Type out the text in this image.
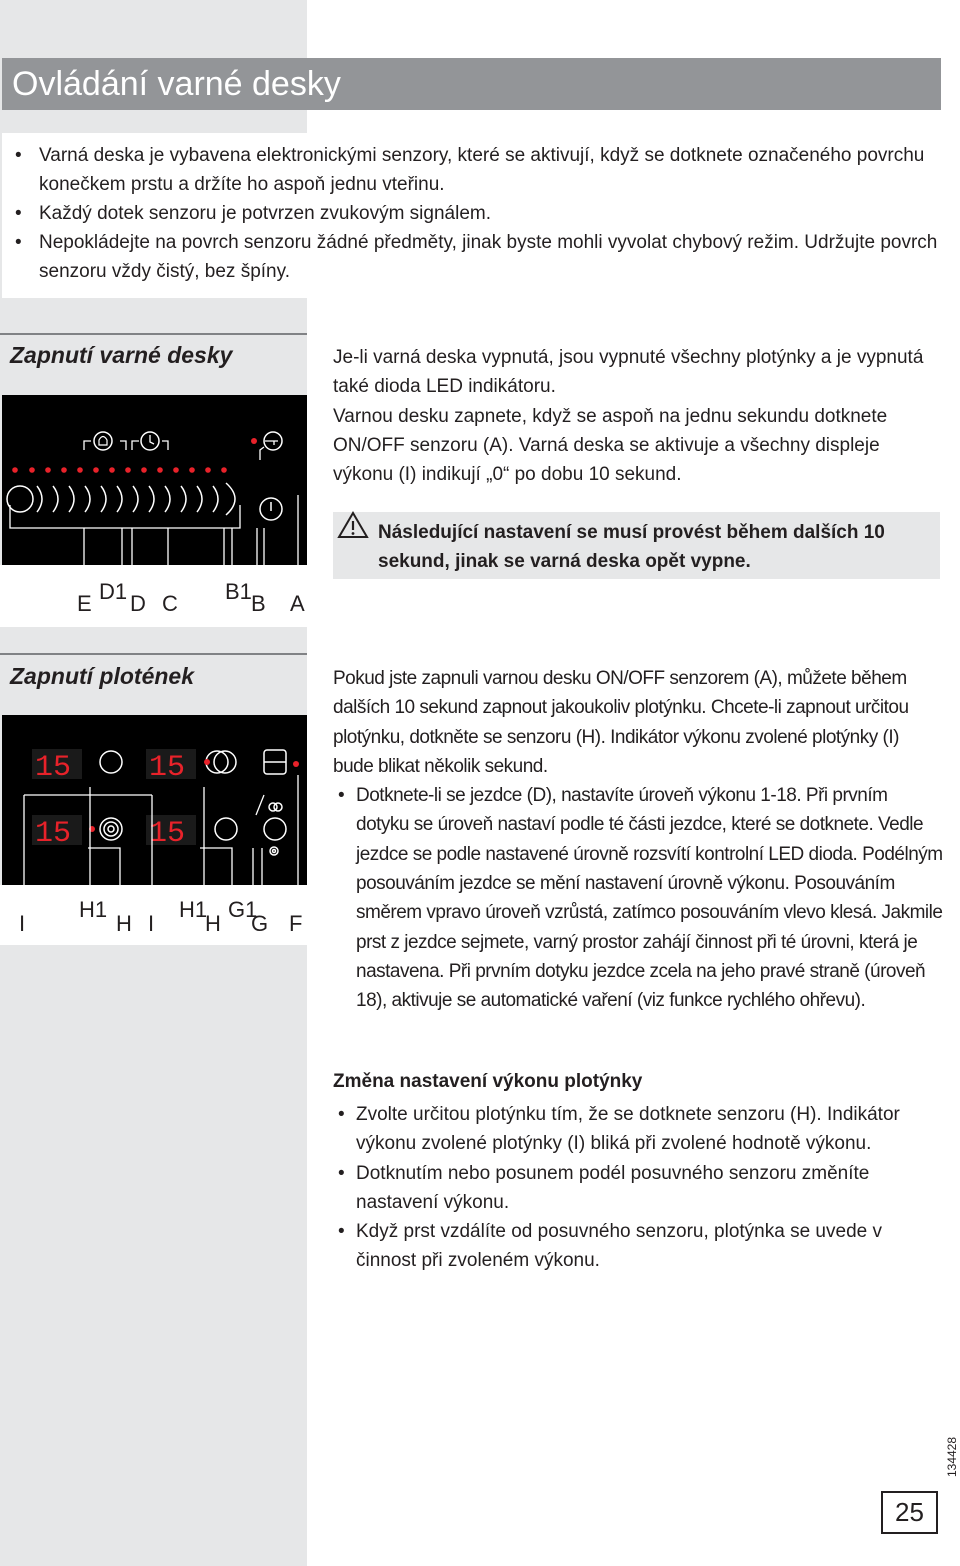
Ovládání varné desky
• Varná deska je vybavena elektronickými senzory, které se aktivují, když se dotknete označeného povrchu konečkem prstu a držíte ho aspoň jednu vteřinu.
• Každý dotek senzoru je potvrzen zvukovým signálem.
• Nepokládejte na povrch senzoru žádné předměty, jinak byste mohli vyvolat chybový režim. Udržujte povrch senzoru vždy čistý, bez špíny.
Zapnutí varné desky
E D1 D C B1 B A

Je-li varná deska vypnutá, jsou vypnuté všechny plotýnky a je vypnutá také dioda LED indikátoru.

Varnou desku zapnete, když se aspoň na jednu sekundu dotknete ON/OFF senzoru (A). Varná deska se aktivuje a všechny displeje výkonu (I) indikují „0“ po dobu 10 sekund.

Následující nastavení se musí provést během dalších 10 sekund, jinak se varná deska opět vypne.
Zapnutí plotének
15
15
15
15
I
H1
H I
H1
H
G1
G F

Pokud jste zapnuli varnou desku ON/OFF senzorem (A), můžete během dalších 10 sekund zapnout jakoukoliv plotýnku. Chcete-li zapnout určitou plotýnku, dotkněte se senzoru (H). Indikátor výkonu zvolené plotýnky (I) bude blikat několik sekund.

• Dotknete-li se jezdce (D), nastavíte úroveň výkonu 1-18. Při prvním dotyku se úroveň nastaví podle té části jezdce, které se dotknete. Vedle jezdce se podle nastavené úrovně rozsvítí kontrolní LED dioda. Podélným posouváním jezdce se mění nastavení úrovně výkonu. Posouváním směrem vpravo úroveň vzrůstá, zatímco posouváním vlevo klesá. Jakmile prst z jezdce sejmete, varný prostor zahájí činnost při té úrovni, která je nastavena. Při prvním dotyku jezdce zcela na jeho pravé straně (úroveň 18), aktivuje se automatické vaření (viz funkce rychlého ohřevu).
Změna nastavení výkonu plotýnky
• Zvolte určitou plotýnku tím, že se dotknete senzoru (H). Indikátor výkonu zvolené plotýnky (I) bliká při zvolené hodnotě výkonu.
• Dotknutím nebo posunem podél posuvného senzoru změníte nastavení výkonu.
• Když prst vzdálíte od posuvného senzoru, plotýnka se uvede v činnost při zvoleném výkonu.
134428
25
